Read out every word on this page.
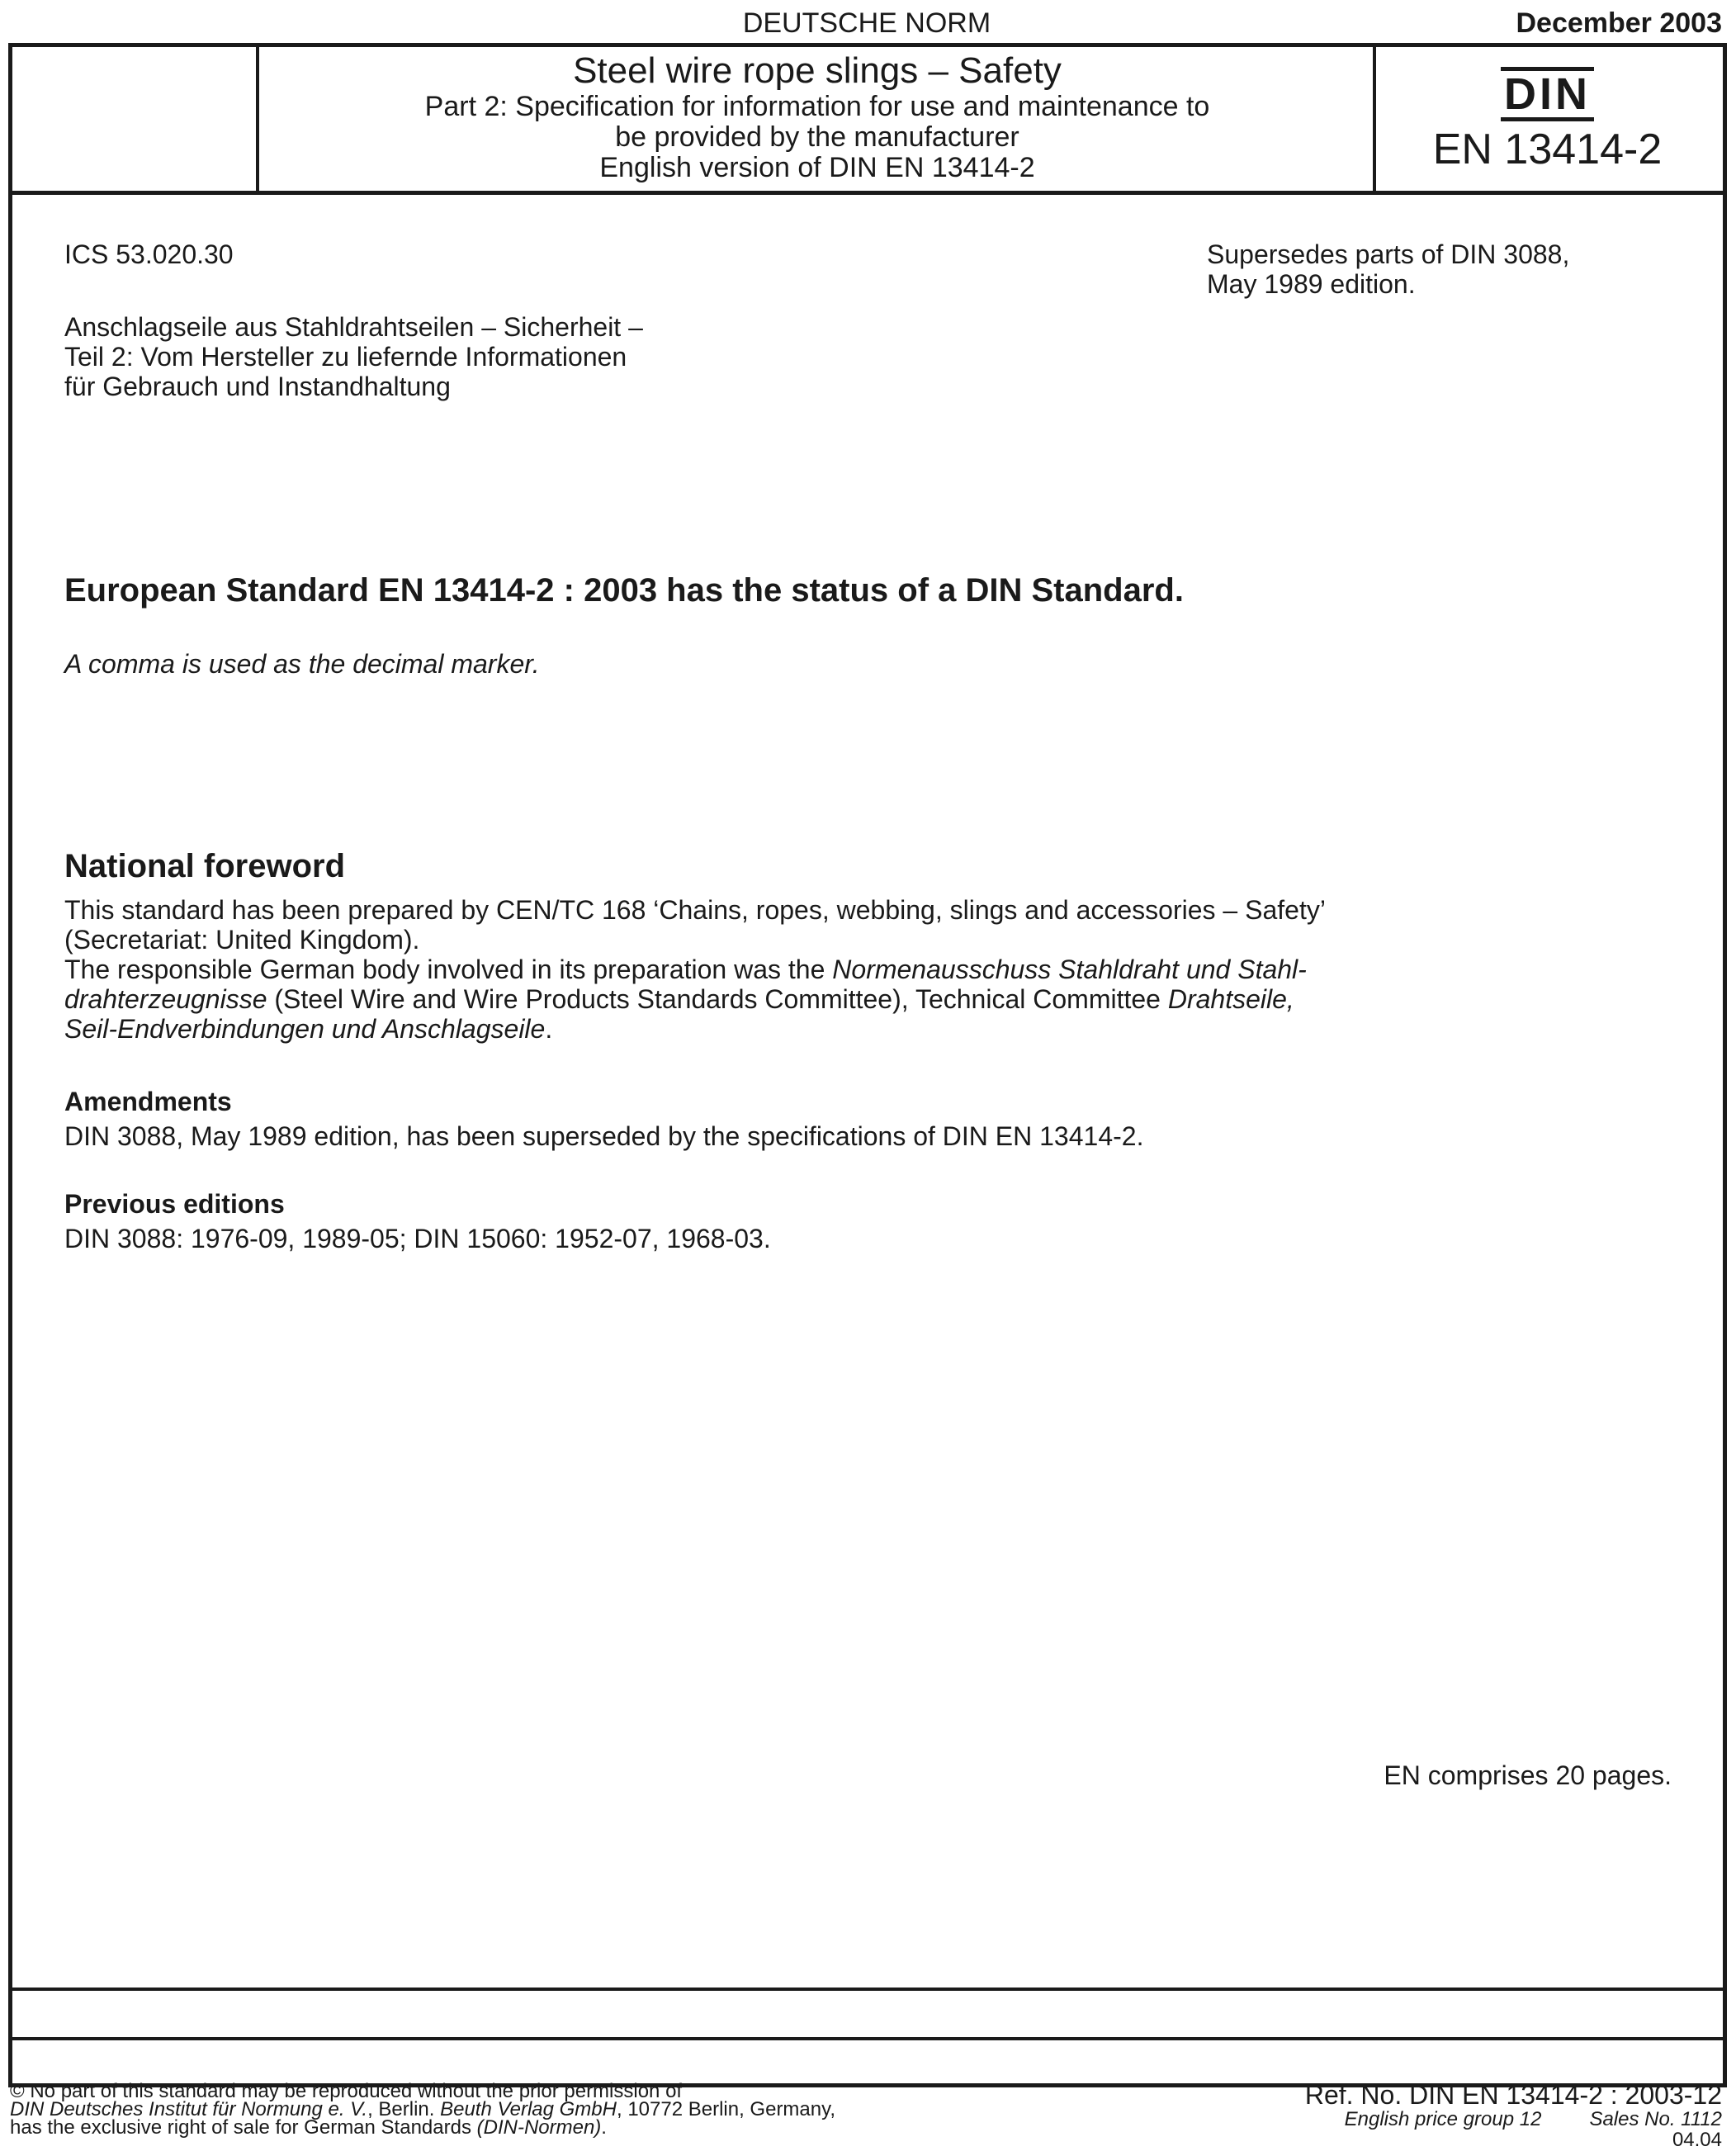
DEUTSCHE NORM	December 2003
Steel wire rope slings – Safety
Part 2: Specification for information for use and maintenance to
be provided by the manufacturer
English version of DIN EN 13414-2
DIN
EN 13414-2
ICS 53.020.30	Supersedes parts of DIN 3088,
May 1989 edition.
Anschlagseile aus Stahldrahtseilen – Sicherheit –
Teil 2: Vom Hersteller zu liefernde Informationen
für Gebrauch und Instandhaltung
European Standard EN 13414-2 : 2003 has the status of a DIN Standard.
A comma is used as the decimal marker.
National foreword
This standard has been prepared by CEN/TC 168 ‘Chains, ropes, webbing, slings and accessories – Safety’
(Secretariat: United Kingdom).
The responsible German body involved in its preparation was the Normenausschuss Stahldraht und Stahl-
drahterzeugnisse (Steel Wire and Wire Products Standards Committee), Technical Committee Drahtseile,
Seil-Endverbindungen und Anschlagseile.
Amendments
DIN 3088, May 1989 edition, has been superseded by the specifications of DIN EN 13414-2.
Previous editions
DIN 3088: 1976-09, 1989-05; DIN 15060: 1952-07, 1968-03.
EN comprises 20 pages.
© No part of this standard may be reproduced without the prior permission of
DIN Deutsches Institut für Normung e. V., Berlin. Beuth Verlag GmbH, 10772 Berlin, Germany,
has the exclusive right of sale for German Standards (DIN-Normen).
Ref. No. DIN EN 13414-2 : 2003-12
English price group 12 Sales No. 1112
04.04
